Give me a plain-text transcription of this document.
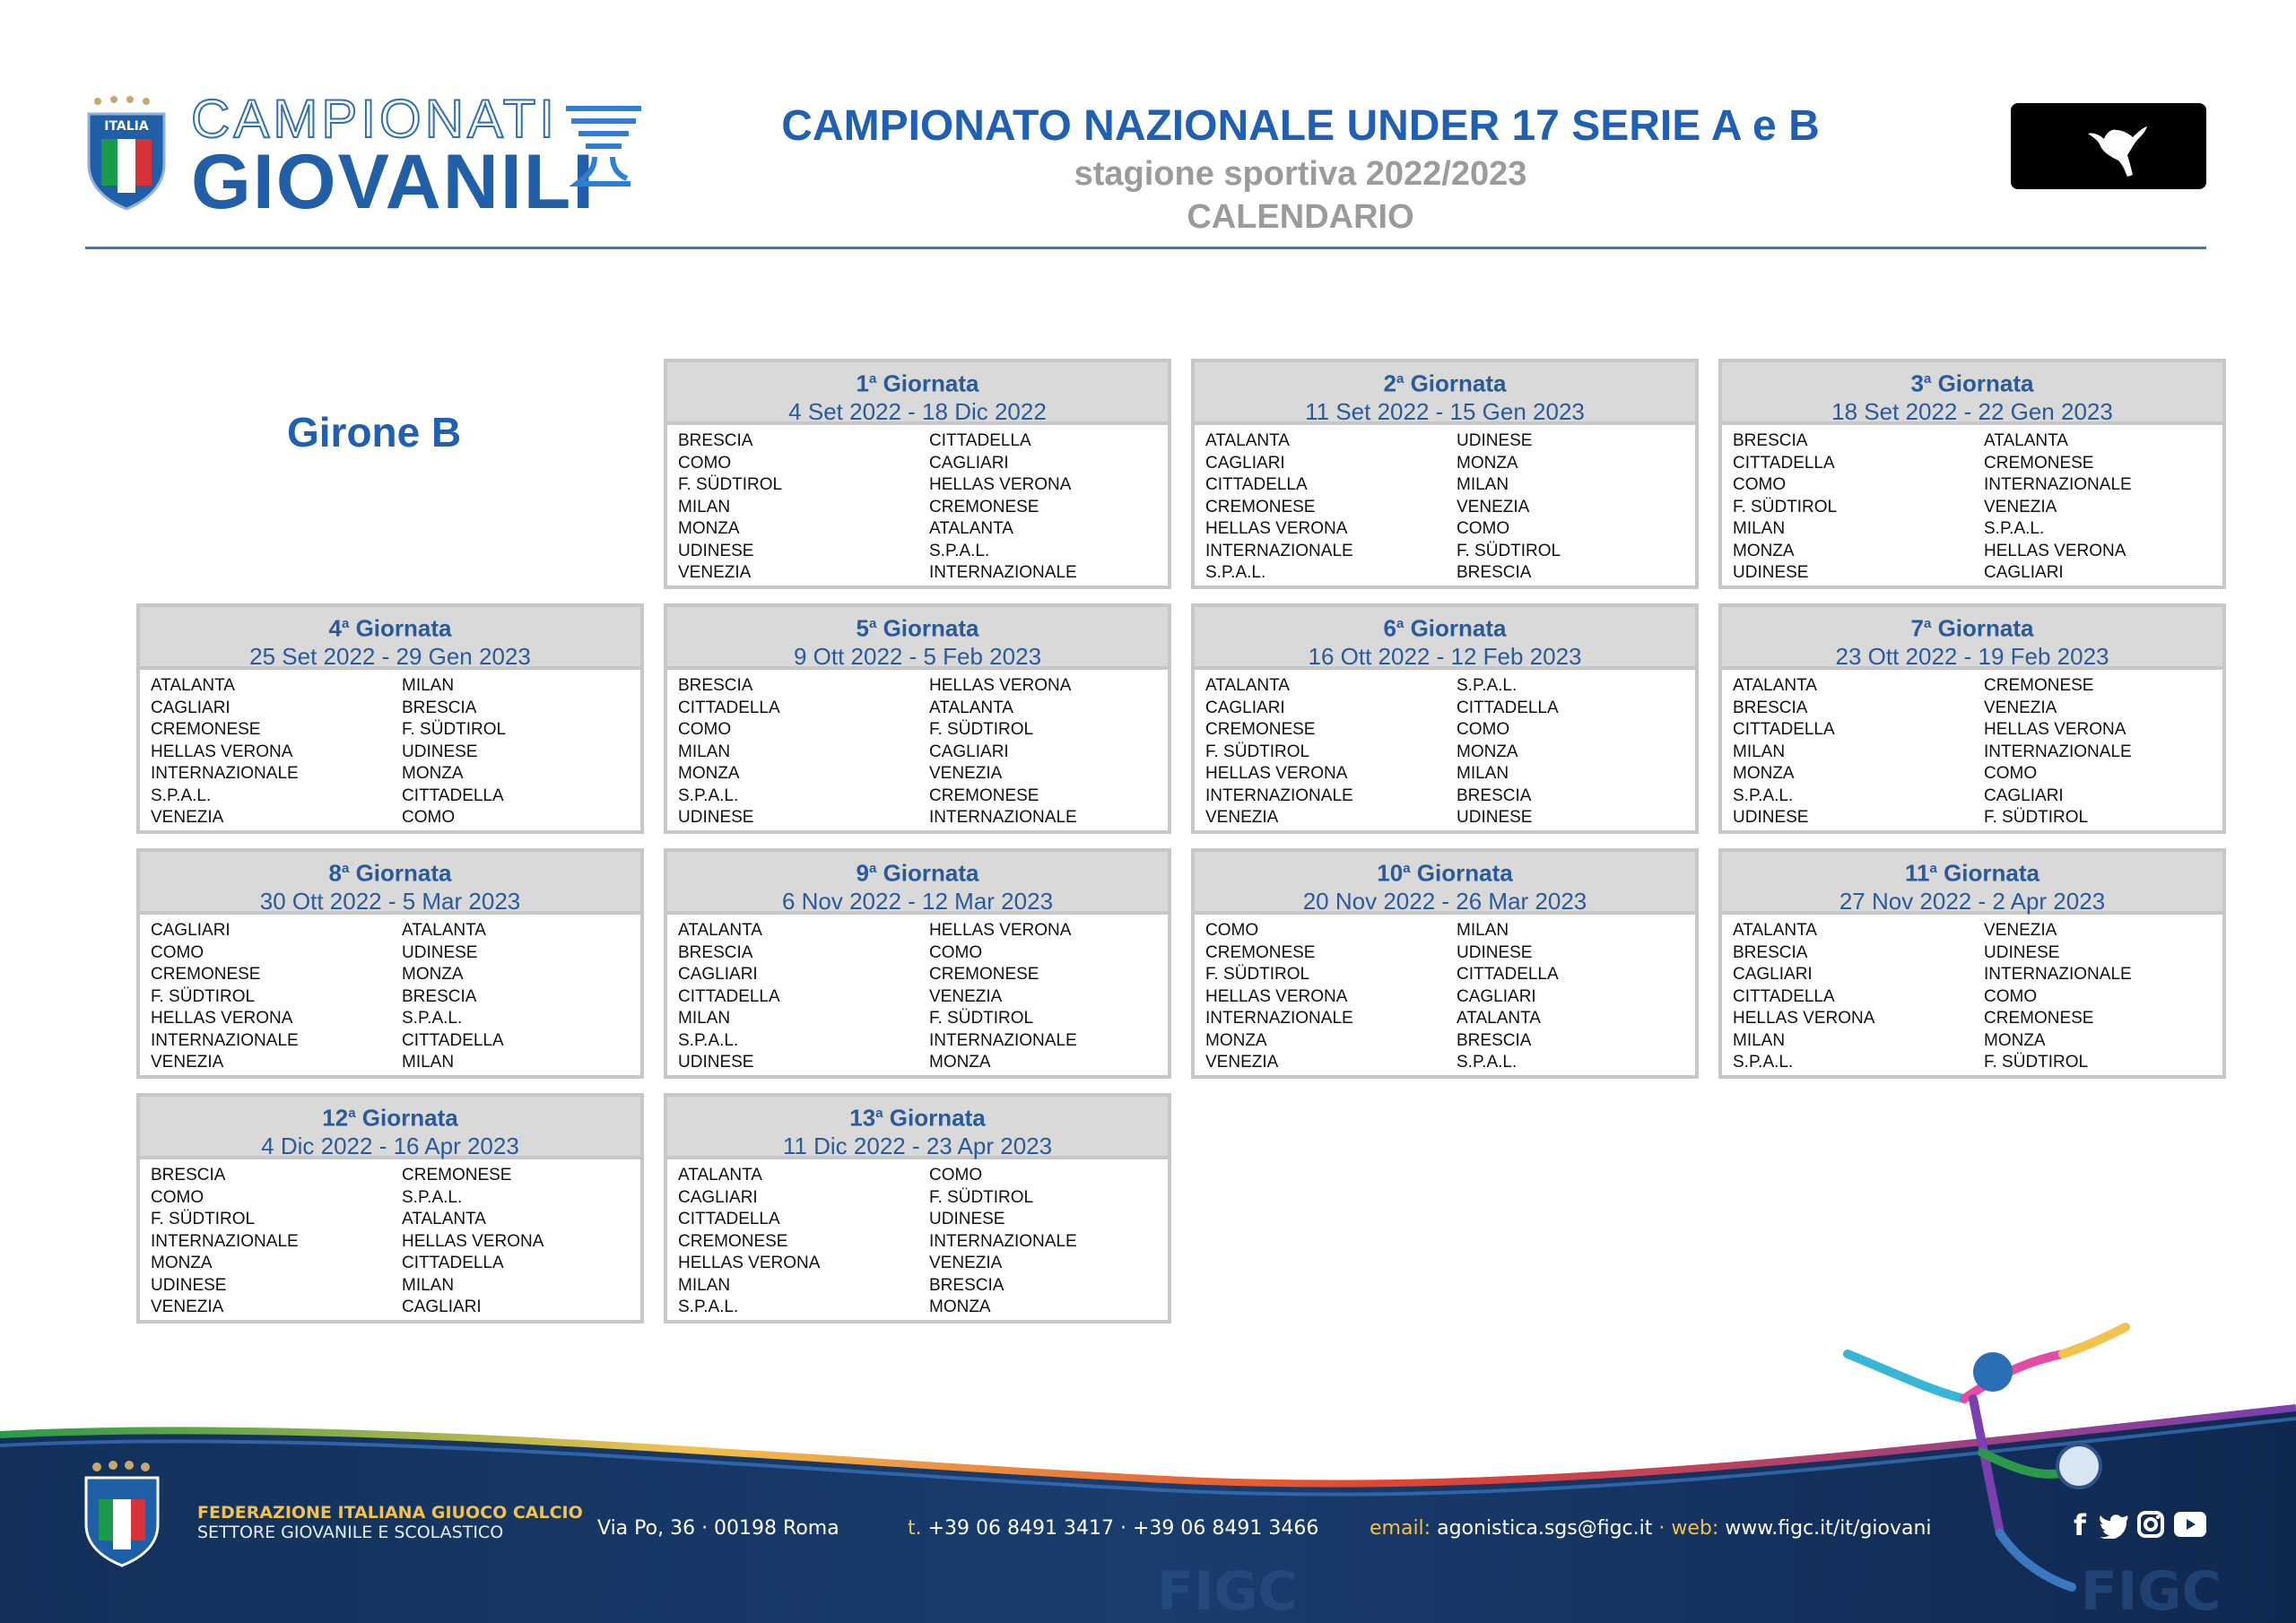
ITALIA CAMPIONATI
GIOVANILI
CAMPIONATO NAZIONALE UNDER 17 SERIE A e B
stagione sportiva 2022/2023
CALENDARIO
Girone B
1$^a$ Giornata
4 Set 2022 - 18 Dic 2022
BRESCIA	CITTADELLA
COMO	CAGLIARI
F. SÜDTIROL	HELLAS VERONA
MILAN	CREMONESE
MONZA	ATALANTA
UDINESE	S.P.A.L.
VENEZIA	INTERNAZIONALE
2$^a$ Giornata
11 Set 2022 - 15 Gen 2023
ATALANTA	UDINESE
CAGLIARI	MONZA
CITTADELLA	MILAN
CREMONESE	VENEZIA
HELLAS VERONA	COMO
INTERNAZIONALE	F. SÜDTIROL
S.P.A.L.	BRESCIA
3$^a$ Giornata
18 Set 2022 - 22 Gen 2023
BRESCIA	ATALANTA
CITTADELLA	CREMONESE
COMO	INTERNAZIONALE
F. SÜDTIROL	VENEZIA
MILAN	S.P.A.L.
MONZA	HELLAS VERONA
UDINESE	CAGLIARI
4$^a$ Giornata
25 Set 2022 - 29 Gen 2023
ATALANTA	MILAN
CAGLIARI	BRESCIA
CREMONESE	F. SÜDTIROL
HELLAS VERONA	UDINESE
INTERNAZIONALE	MONZA
S.P.A.L.	CITTADELLA
VENEZIA	COMO
5$^a$ Giornata
9 Ott 2022 - 5 Feb 2023
BRESCIA	HELLAS VERONA
CITTADELLA	ATALANTA
COMO	F. SÜDTIROL
MILAN	CAGLIARI
MONZA	VENEZIA
S.P.A.L.	CREMONESE
UDINESE	INTERNAZIONALE
6$^a$ Giornata
16 Ott 2022 - 12 Feb 2023
ATALANTA	S.P.A.L.
CAGLIARI	CITTADELLA
CREMONESE	COMO
F. SÜDTIROL	MONZA
HELLAS VERONA	MILAN
INTERNAZIONALE	BRESCIA
VENEZIA	UDINESE
7$^a$ Giornata
23 Ott 2022 - 19 Feb 2023
ATALANTA	CREMONESE
BRESCIA	VENEZIA
CITTADELLA	HELLAS VERONA
MILAN	INTERNAZIONALE
MONZA	COMO
S.P.A.L.	CAGLIARI
UDINESE	F. SÜDTIROL
8$^a$ Giornata
30 Ott 2022 - 5 Mar 2023
CAGLIARI	ATALANTA
COMO	UDINESE
CREMONESE	MONZA
F. SÜDTIROL	BRESCIA
HELLAS VERONA	S.P.A.L.
INTERNAZIONALE	CITTADELLA
VENEZIA	MILAN
9$^a$ Giornata
6 Nov 2022 - 12 Mar 2023
ATALANTA	HELLAS VERONA
BRESCIA	COMO
CAGLIARI	CREMONESE
CITTADELLA	VENEZIA
MILAN	F. SÜDTIROL
S.P.A.L.	INTERNAZIONALE
UDINESE	MONZA
10$^a$ Giornata
20 Nov 2022 - 26 Mar 2023
COMO	MILAN
CREMONESE	UDINESE
F. SÜDTIROL	CITTADELLA
HELLAS VERONA	CAGLIARI
INTERNAZIONALE	ATALANTA
MONZA	BRESCIA
VENEZIA	S.P.A.L.
11$^a$ Giornata
27 Nov 2022 - 2 Apr 2023
ATALANTA	VENEZIA
BRESCIA	UDINESE
CAGLIARI	INTERNAZIONALE
CITTADELLA	COMO
HELLAS VERONA	CREMONESE
MILAN	MONZA
S.P.A.L.	F. SÜDTIROL
12$^a$ Giornata
4 Dic 2022 - 16 Apr 2023
BRESCIA	CREMONESE
COMO	S.P.A.L.
F. SÜDTIROL	ATALANTA
INTERNAZIONALE	HELLAS VERONA
MONZA	CITTADELLA
UDINESE	MILAN
VENEZIA	CAGLIARI
13$^a$ Giornata
11 Dic 2022 - 23 Apr 2023
ATALANTA	COMO
CAGLIARI	F. SÜDTIROL
CITTADELLA	UDINESE
CREMONESE	INTERNAZIONALE
HELLAS VERONA	VENEZIA
MILAN	BRESCIA
S.P.A.L.	MONZA
FEDERAZIONE ITALIANA GIUOCO CALCIO
SETTORE GIOVANILE E SCOLASTICO	Via Po, 36 · 00198 Roma	t. +39 06 8491 3417 · +39 06 8491 3466	email: agonistica.sgs@figc.it · web: www.figc.it/it/giovani
FIGC	FIGC
f
